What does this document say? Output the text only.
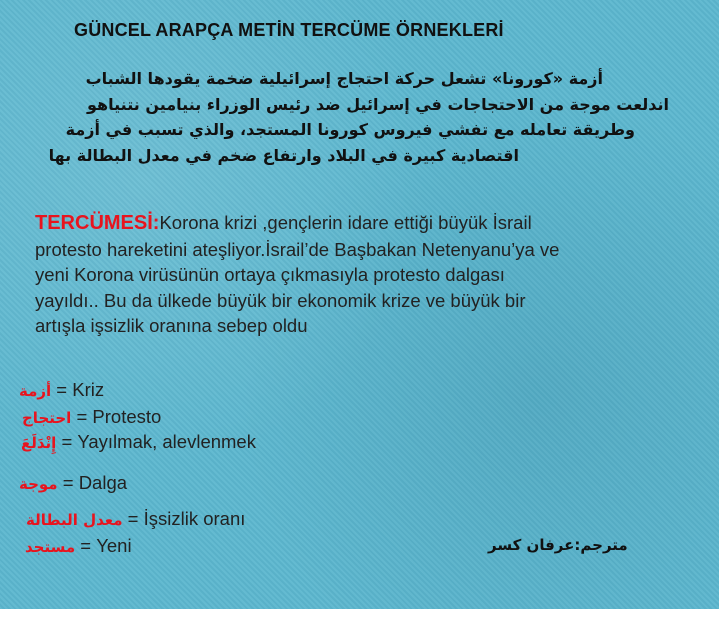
GÜNCEL ARAPÇA METİN TERCÜME ÖRNEKLERİ
أزمة «كورونا» تشعل حركة احتجاج إسرائيلية ضخمة يقودها الشباب
اندلعت موجة من الاحتجاجات في إسرائيل ضد رئيس الوزراء بنيامين نتنياهو
وطريقة تعامله مع تفشي فيروس كورونا المستجد، والذي تسبب في أزمة
اقتصادية كبيرة في البلاد وارتفاع ضخم في معدل البطالة بها
TERCÜMESİ:Korona krizi ,gençlerin idare ettiği büyük İsrail
protesto hareketini ateşliyor.İsrail’de Başbakan Netenyanu’ya ve
yeni Korona virüsünün ortaya çıkmasıyla protesto dalgası
yayıldı.. Bu da ülkede büyük bir ekonomik krize ve büyük bir
artışla işsizlik oranına sebep oldu
أزمة = Kriz
احتجاج = Protesto
إِنْدَلَعَ = Yayılmak, alevlenmek
موجة = Dalga
معدل البطالة = İşsizlik oranı
مستجد = Yeni	مترجم:عرفان كسر
